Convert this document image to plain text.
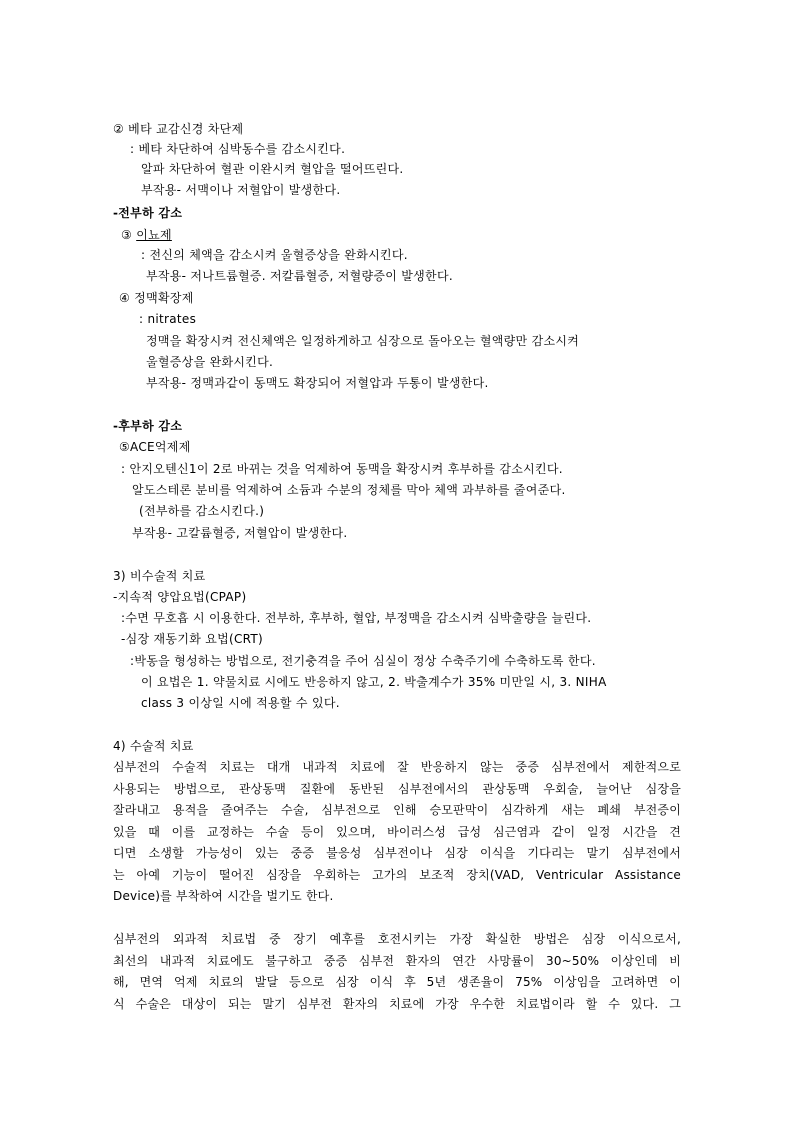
② 베타 교감신경 차단제
: 베타 차단하여 심박동수를 감소시킨다.
알파 차단하여 혈관 이완시켜 혈압을 떨어뜨린다.
부작용- 서맥이나 저혈압이 발생한다.
-전부하 감소
③ 이뇨제
: 전신의 체액을 감소시켜 울혈증상을 완화시킨다.
부작용- 저나트륨혈증. 저칼륨혈증, 저혈량증이 발생한다.
④ 정맥확장제
: nitrates
정맥을 확장시켜 전신체액은 일정하게하고 심장으로 돌아오는 혈액량만 감소시켜
울혈증상을 완화시킨다.
부작용- 정맥과같이 동맥도 확장되어 저혈압과 두통이 발생한다.
-후부하 감소
⑤ACE억제제
: 안지오텐신1이 2로 바뀌는 것을 억제하여 동맥을 확장시켜 후부하를 감소시킨다.
알도스테론 분비를 억제하여 소듐과 수분의 정체를 막아 체액 과부하를 줄여준다.
(전부하를 감소시킨다.)
부작용- 고칼륨혈증, 저혈압이 발생한다.
3) 비수술적 치료
-지속적 양압요법(CPAP)
:수면 무호흡 시 이용한다. 전부하, 후부하, 혈압, 부정맥을 감소시켜 심박출량을 늘린다.
-심장 재동기화 요법(CRT)
:박동을 형성하는 방법으로, 전기충격을 주어 심실이 정상 수축주기에 수축하도록 한다.
이 요법은 1. 약물치료 시에도 반응하지 않고, 2. 박출계수가 35% 미만일 시, 3. NIHA
class 3 이상일 시에 적용할 수 있다.
4) 수술적 치료
심부전의 수술적 치료는 대개 내과적 치료에 잘 반응하지 않는 중증 심부전에서 제한적으로
사용되는 방법으로, 관상동맥 질환에 동반된 심부전에서의 관상동맥 우회술, 늘어난 심장을
잘라내고 용적을 줄여주는 수술, 심부전으로 인해 승모판막이 심각하게 새는 폐쇄 부전증이
있을 때 이를 교정하는 수술 등이 있으며, 바이러스성 급성 심근염과 같이 일정 시간을 견
디면 소생할 가능성이 있는 중증 불응성 심부전이나 심장 이식을 기다리는 말기 심부전에서
는 아예 기능이 떨어진 심장을 우회하는 고가의 보조적 장치(VAD, Ventricular Assistance
Device)를 부착하여 시간을 벌기도 한다.
심부전의 외과적 치료법 중 장기 예후를 호전시키는 가장 확실한 방법은 심장 이식으로서,
최선의 내과적 치료에도 불구하고 중증 심부전 환자의 연간 사망률이 30~50% 이상인데 비
해, 면역 억제 치료의 발달 등으로 심장 이식 후 5년 생존율이 75% 이상임을 고려하면 이
식 수술은 대상이 되는 말기 심부전 환자의 치료에 가장 우수한 치료법이라 할 수 있다. 그
